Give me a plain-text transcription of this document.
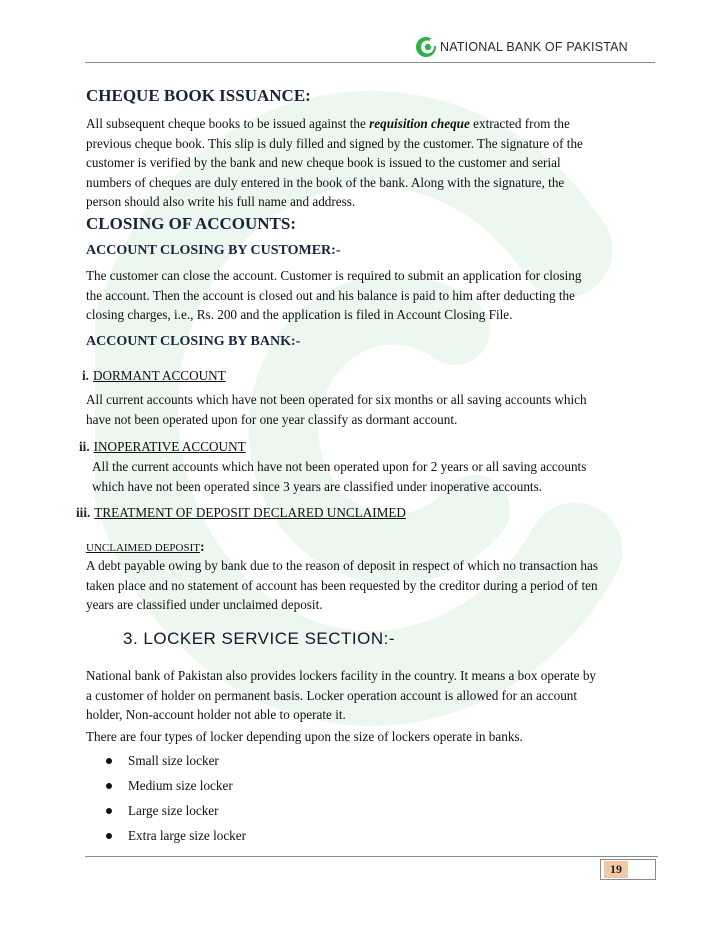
NATIONAL BANK OF PAKISTAN
CHEQUE BOOK ISSUANCE:
All subsequent cheque books to be issued against the requisition cheque extracted from the
previous cheque book. This slip is duly filled and signed by the customer. The signature of the
customer is verified by the bank and new cheque book is issued to the customer and serial
numbers of cheques are duly entered in the book of the bank. Along with the signature, the
person should also write his full name and address.
CLOSING OF ACCOUNTS:
ACCOUNT CLOSING BY CUSTOMER:-
The customer can close the account. Customer is required to submit an application for closing
the account. Then the account is closed out and his balance is paid to him after deducting the
closing charges, i.e., Rs. 200 and the application is filed in Account Closing File.
ACCOUNT CLOSING BY BANK:-
i. DORMANT ACCOUNT
All current accounts which have not been operated for six months or all saving accounts which
have not been operated upon for one year classify as dormant account.
ii. INOPERATIVE ACCOUNT
All the current accounts which have not been operated upon for 2 years or all saving accounts
which have not been operated since 3 years are classified under inoperative accounts.
iii. TREATMENT OF DEPOSIT DECLARED UNCLAIMED
UNCLAIMED DEPOSIT:
A debt payable owing by bank due to the reason of deposit in respect of which no transaction has
taken place and no statement of account has been requested by the creditor during a period of ten
years are classified under unclaimed deposit.
3. LOCKER SERVICE SECTION:-
National bank of Pakistan also provides lockers facility in the country. It means a box operate by
a customer of holder on permanent basis. Locker operation account is allowed for an account
holder, Non-account holder not able to operate it.
There are four types of locker depending upon the size of lockers operate in banks.
Small size locker
Medium size locker
Large size locker
Extra large size locker
19
